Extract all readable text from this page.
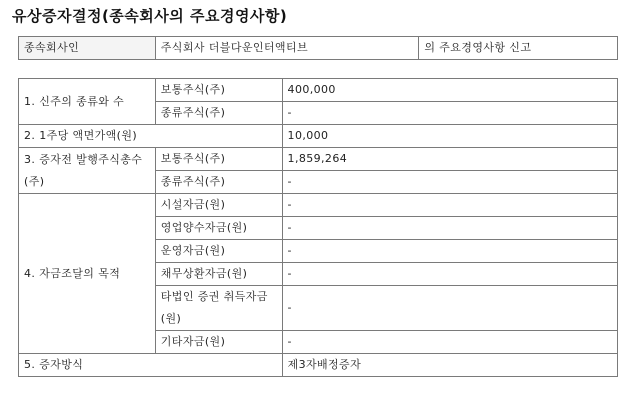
유상증자결정(종속회사의 주요경영사항)
종속회사인	주식회사 더블다운인터액티브	의 주요경영사항 신고
1. 신주의 종류와 수	보통주식(주)	400,000
	종류주식(주)	-
2. 1주당 액면가액(원)		10,000
3. 증자전 발행주식총수(주)	보통주식(주)	1,859,264
	종류주식(주)	-
4. 자금조달의 목적	시설자금(원)	-
	영업양수자금(원)	-
	운영자금(원)	-
	채무상환자금(원)	-
	타법인 증권 취득자금(원)	-
	기타자금(원)	-
5. 증자방식		제3자배정증자
